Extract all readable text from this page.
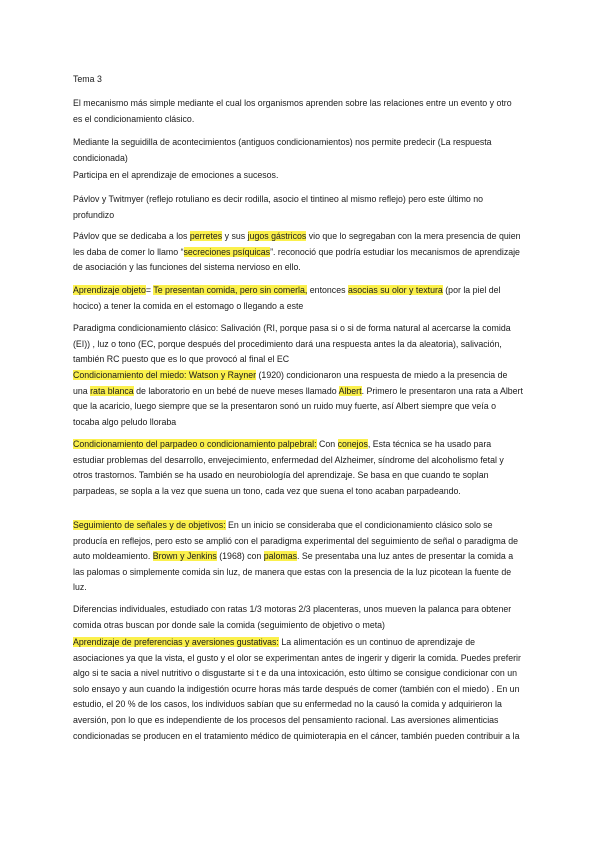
Tema 3

El mecanismo más simple mediante el cual los organismos aprenden sobre las relaciones entre un evento y otro es el condicionamiento clásico.

Mediante la seguidilla de acontecimientos (antiguos condicionamientos) nos permite predecir (La respuesta condicionada)

Participa en el aprendizaje de emociones a sucesos.

Pávlov y Twitmyer (reflejo rotuliano es decir rodilla, asocio el tintineo al mismo reflejo) pero este último no profundizo

Pávlov que se dedicaba a los perretes y sus jugos gástricos vio que lo segregaban con la mera presencia de quien les daba de comer lo llamo “secreciones psíquicas”. reconoció que podría estudiar los mecanismos de aprendizaje de asociación y las funciones del sistema nervioso en ello.

Aprendizaje objeto= Te presentan comida, pero sin comerla, entonces asocias su olor y textura (por la piel del hocico) a tener la comida en el estomago o llegando a este

Paradigma condicionamiento clásico: Salivación (RI, porque pasa si o si de forma natural al acercarse la comida (EI)) , luz o tono (EC, porque después del procedimiento dará una respuesta antes la da aleatoria), salivación, también RC puesto que es lo que provocó al final el EC

Condicionamiento del miedo: Watson y Rayner (1920) condicionaron una respuesta de miedo a la presencia de una rata blanca de laboratorio en un bebé de nueve meses llamado Albert. Primero le presentaron una rata a Albert que la acaricio, luego siempre que se la presentaron sonó un ruido muy fuerte, así Albert siempre que veía o tocaba algo peludo lloraba

Condicionamiento del parpadeo o condicionamiento palpebral: Con conejos, Esta técnica se ha usado para estudiar problemas del desarrollo, envejecimiento, enfermedad del Alzheimer, síndrome del alcoholismo fetal y otros trastornos. También se ha usado en neurobiología del aprendizaje. Se basa en que cuando te soplan parpadeas, se sopla a la vez que suena un tono, cada vez que suena el tono acaban parpadeando.

Seguimiento de señales y de objetivos: En un inicio se consideraba que el condicionamiento clásico solo se producía en reflejos, pero esto se amplió con el paradigma experimental del seguimiento de señal o paradigma de auto moldeamiento. Brown y Jenkins (1968) con palomas. Se presentaba una luz antes de presentar la comida a las palomas o simplemente comida sin luz, de manera que estas con la presencia de la luz picotean la fuente de luz.

Diferencias individuales, estudiado con ratas 1/3 motoras 2/3 placenteras, unos mueven la palanca para obtener comida otras buscan por donde sale la comida (seguimiento de objetivo o meta)

Aprendizaje de preferencias y aversiones gustativas: La alimentación es un continuo de aprendizaje de asociaciones ya que la vista, el gusto y el olor se experimentan antes de ingerir y digerir la comida. Puedes preferir algo si te sacia a nivel nutritivo o disgustarte si t e da una intoxicación, esto último se consigue condicionar con un solo ensayo y aun cuando la indigestión ocurre horas más tarde después de comer (también con el miedo) . En un estudio, el 20 % de los casos, los individuos sabían que su enfermedad no la causó la comida y adquirieron la aversión, pon lo que es independiente de los procesos del pensamiento racional. Las aversiones alimenticias condicionadas se producen en el tratamiento médico de quimioterapia en el cáncer, también pueden contribuir a la
